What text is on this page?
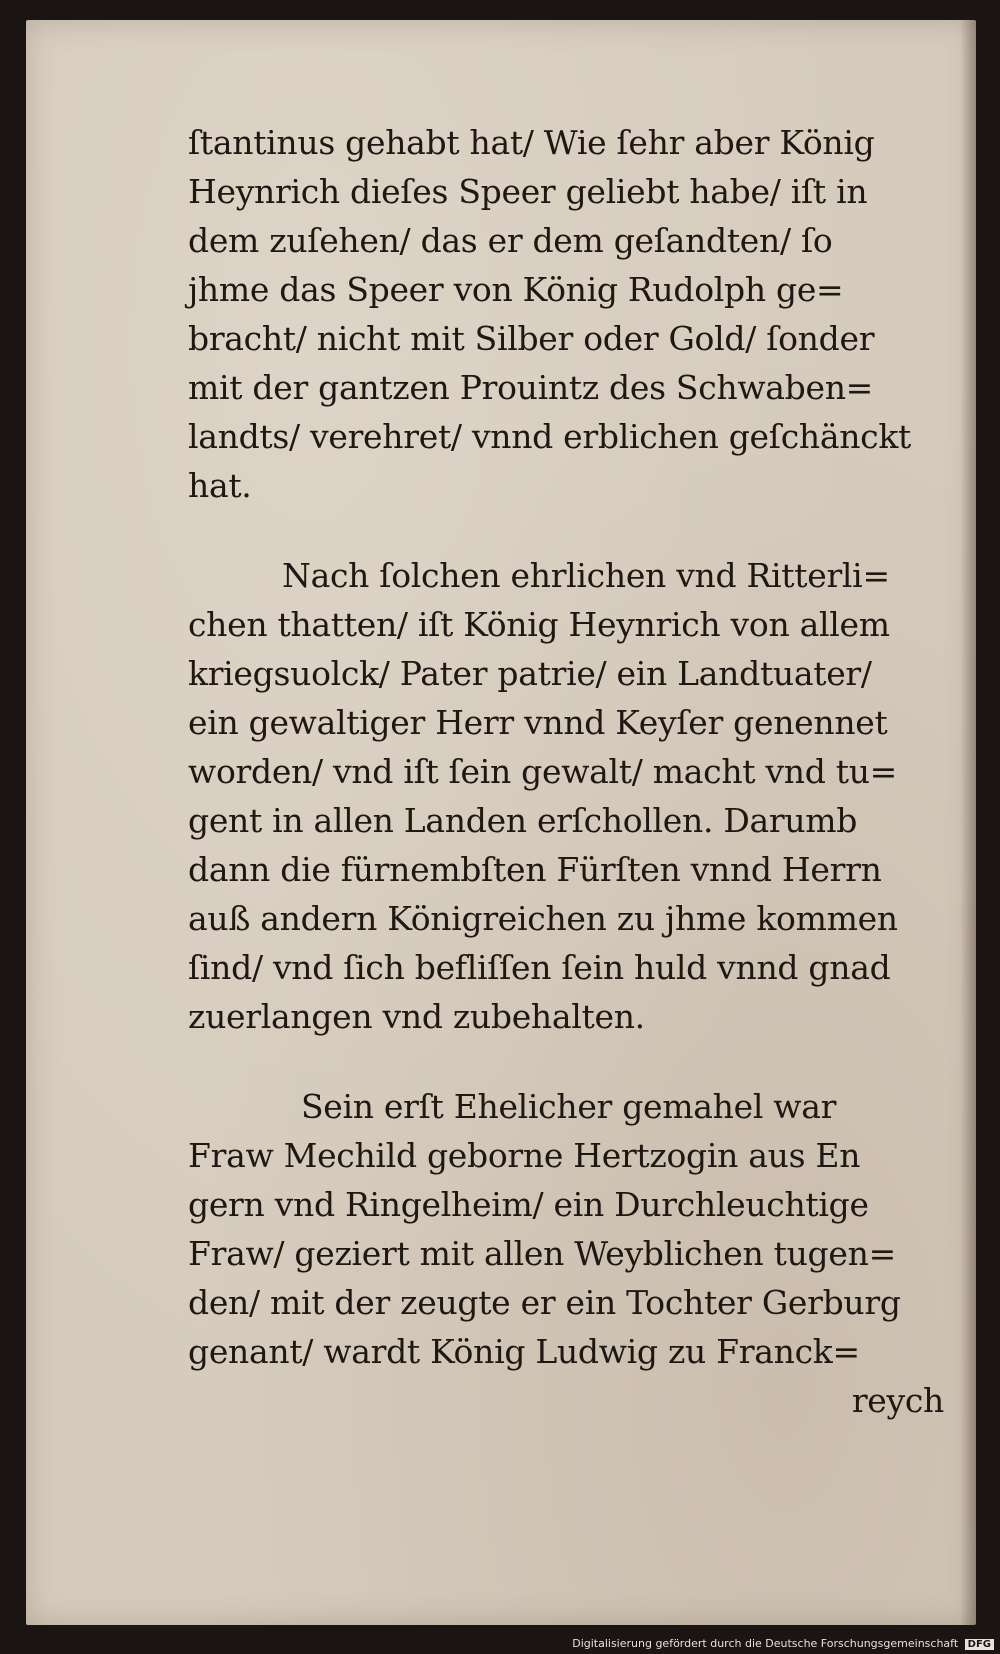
ſtantinus gehabt hat/ Wie ſehr aber König
Heynrich dieſes Speer geliebt habe/ iſt in
dem zuſehen/ das er dem geſandten/ ſo
jhme das Speer von König Rudolph ge=
bracht/ nicht mit Silber oder Gold/ ſonder
mit der gantzen Prouintz des Schwaben=
landts/ verehret/ vnnd erblichen geſchänckt
hat.

Nach ſolchen ehrlichen vnd Ritterli=
chen thatten/ iſt König Heynrich von allem
kriegsuolck/ Pater patrie/ ein Landtuater/
ein gewaltiger Herr vnnd Keyſer genennet
worden/ vnd iſt ſein gewalt/ macht vnd tu=
gent in allen Landen erſchollen. Darumb
dann die fürnembſten Fürſten vnnd Herrn
auß andern Königreichen zu jhme kommen
ſind/ vnd ſich befliſſen ſein huld vnnd gnad
zuerlangen vnd zubehalten.

Sein erſt Ehelicher gemahel war
Fraw Mechild geborne Hertzogin aus En
gern vnd Ringelheim/ ein Durchleuchtige
Fraw/ geziert mit allen Weyblichen tugen=
den/ mit der zeugte er ein Tochter Gerburg
genant/ wardt König Ludwig zu Franck=
reych

Digitalisierung gefördert durch die Deutsche Forschungsgemeinschaft DFG
